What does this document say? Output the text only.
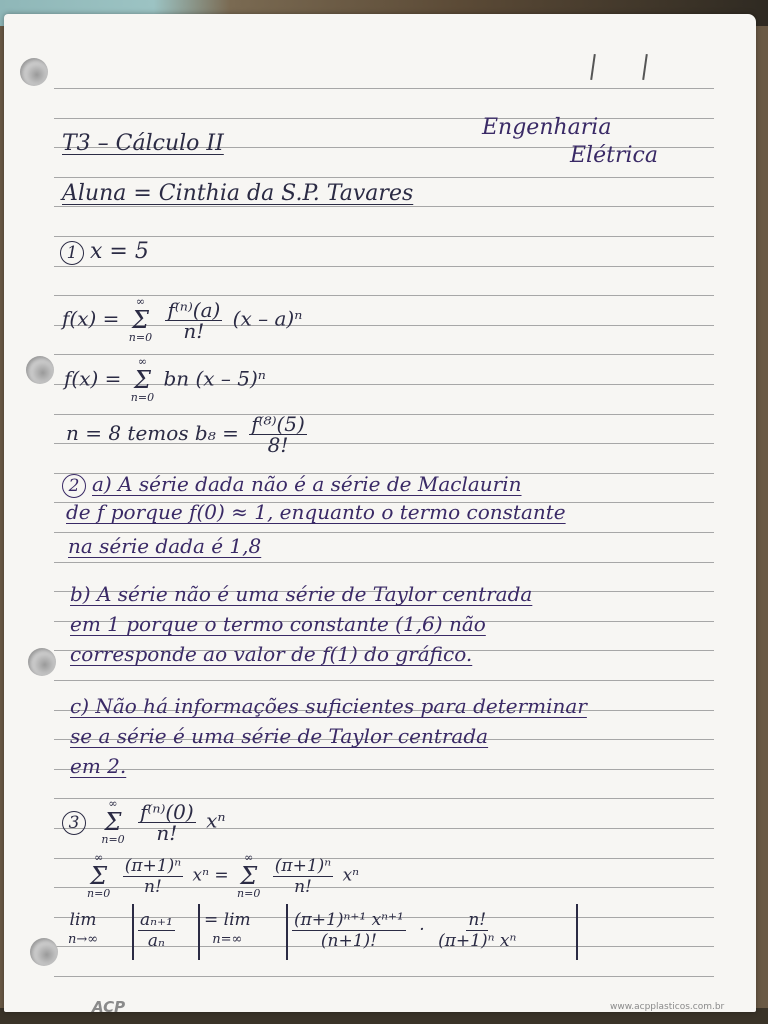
T3 – Cálculo II
Engenharia
Elétrica
Aluna = Cinthia da S.P. Tavares
1 x = 5
f(x) =
∞
Σ
n=0
$\frac{\text{f⁽ⁿ⁾(a)}}{n!} (x - a)^n$
f(x) =
∞
Σ
n=0
bn (x – 5)ⁿ
n = 8 temos $b_8 = \frac{\text{f⁽⁸⁾(5)}}{8!}$
2 a) A série dada não é a série de Maclaurin
de f porque f(0) ≈ 1, enquanto o termo constante
na série dada é 1,8
b) A série não é uma série de Taylor centrada
em 1 porque o termo constante (1,6) não
corresponde ao valor de f(1) do gráfico.
c) Não há informações suficientes para determinar
se a série é uma série de Taylor centrada
em 2.
3
∞
Σ
n=0
$\frac{\text{f⁽ⁿ⁾(0)}}{n!}$ xⁿ
∞
Σ
n=0
$\frac{\text{(π+1)ⁿ}}{n!}$ xⁿ =
∞
Σ
n=0
$\frac{\text{(π+1)ⁿ}}{n!}$ xⁿ
lim
$n\to\infty \frac{\text{aₙ₊₁}}{\text{aₙ}} = \lim$
n=∞	$\frac{\text{(π+1)ⁿ⁺¹ xⁿ⁺¹}}{(n+1)!} \cdot \frac{n!}{\text{(π+1)ⁿ xⁿ}}$
ACP	www.acpplasticos.com.br
